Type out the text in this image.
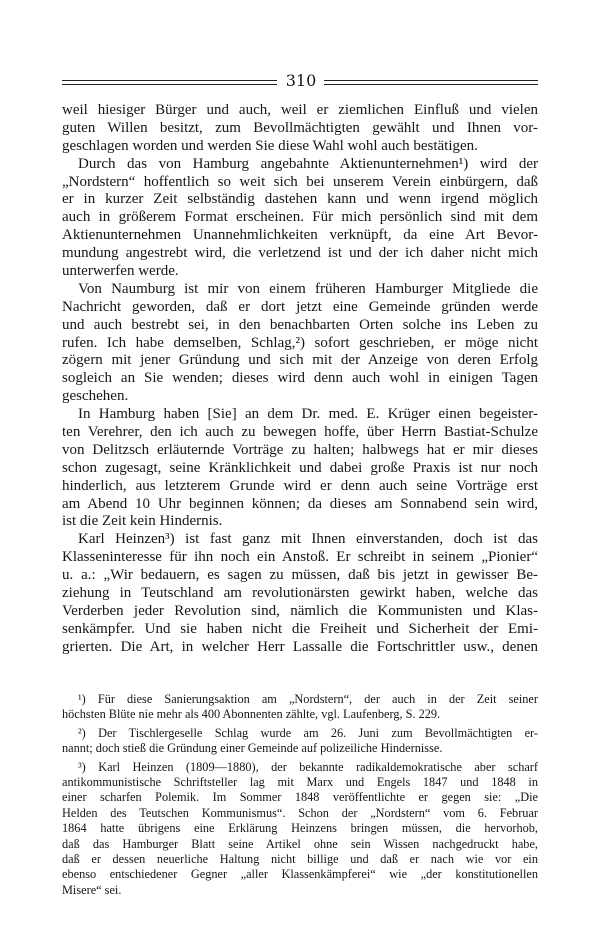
310
weil hiesiger Bürger und auch, weil er ziemlichen Einfluß und vielen
guten Willen besitzt, zum Bevollmächtigten gewählt und Ihnen vor-
geschlagen worden und werden Sie diese Wahl wohl auch bestätigen.
Durch das von Hamburg angebahnte Aktienunternehmen¹) wird der
„Nordstern“ hoffentlich so weit sich bei unserem Verein einbürgern, daß
er in kurzer Zeit selbständig dastehen kann und wenn irgend möglich
auch in größerem Format erscheinen. Für mich persönlich sind mit dem
Aktienunternehmen Unannehmlichkeiten verknüpft, da eine Art Bevor-
mundung angestrebt wird, die verletzend ist und der ich daher nicht mich
unterwerfen werde.
Von Naumburg ist mir von einem früheren Hamburger Mitgliede die
Nachricht geworden, daß er dort jetzt eine Gemeinde gründen werde
und auch bestrebt sei, in den benachbarten Orten solche ins Leben zu
rufen. Ich habe demselben, Schlag,²) sofort geschrieben, er möge nicht
zögern mit jener Gründung und sich mit der Anzeige von deren Erfolg
sogleich an Sie wenden; dieses wird denn auch wohl in einigen Tagen
geschehen.
In Hamburg haben [Sie] an dem Dr. med. E. Krüger einen begeister-
ten Verehrer, den ich auch zu bewegen hoffe, über Herrn Bastiat-Schulze
von Delitzsch erläuternde Vorträge zu halten; halbwegs hat er mir dieses
schon zugesagt, seine Kränklichkeit und dabei große Praxis ist nur noch
hinderlich, aus letzterem Grunde wird er denn auch seine Vorträge erst
am Abend 10 Uhr beginnen können; da dieses am Sonnabend sein wird,
ist die Zeit kein Hindernis.
Karl Heinzen³) ist fast ganz mit Ihnen einverstanden, doch ist das
Klasseninteresse für ihn noch ein Anstoß. Er schreibt in seinem „Pionier“
u. a.: „Wir bedauern, es sagen zu müssen, daß bis jetzt in gewisser Be-
ziehung in Teutschland am revolutionärsten gewirkt haben, welche das
Verderben jeder Revolution sind, nämlich die Kommunisten und Klas-
senkämpfer. Und sie haben nicht die Freiheit und Sicherheit der Emi-
grierten. Die Art, in welcher Herr Lassalle die Fortschrittler usw., denen
¹) Für diese Sanierungsaktion am „Nordstern“, der auch in der Zeit seiner
höchsten Blüte nie mehr als 400 Abonnenten zählte, vgl. Laufenberg, S. 229.
²) Der Tischlergeselle Schlag wurde am 26. Juni zum Bevollmächtigten er-
nannt; doch stieß die Gründung einer Gemeinde auf polizeiliche Hindernisse.
³) Karl Heinzen (1809—1880), der bekannte radikaldemokratische aber scharf
antikommunistische Schriftsteller lag mit Marx und Engels 1847 und 1848 in
einer scharfen Polemik. Im Sommer 1848 veröffentlichte er gegen sie: „Die
Helden des Teutschen Kommunismus“. Schon der „Nordstern“ vom 6. Februar
1864 hatte übrigens eine Erklärung Heinzens bringen müssen, die hervorhob,
daß das Hamburger Blatt seine Artikel ohne sein Wissen nachgedruckt habe,
daß er dessen neuerliche Haltung nicht billige und daß er nach wie vor ein
ebenso entschiedener Gegner „aller Klassenkämpferei“ wie „der konstitutionellen
Misere“ sei.
